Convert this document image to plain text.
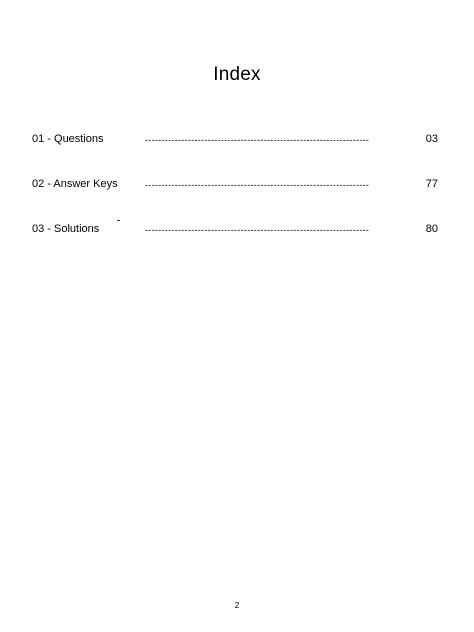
Index
01 - Questions	--------------------------------------------------------------------	03
02 - Answer Keys	--------------------------------------------------------------------	77
03 - Solutions	--------------------------------------------------------------------	80
2
